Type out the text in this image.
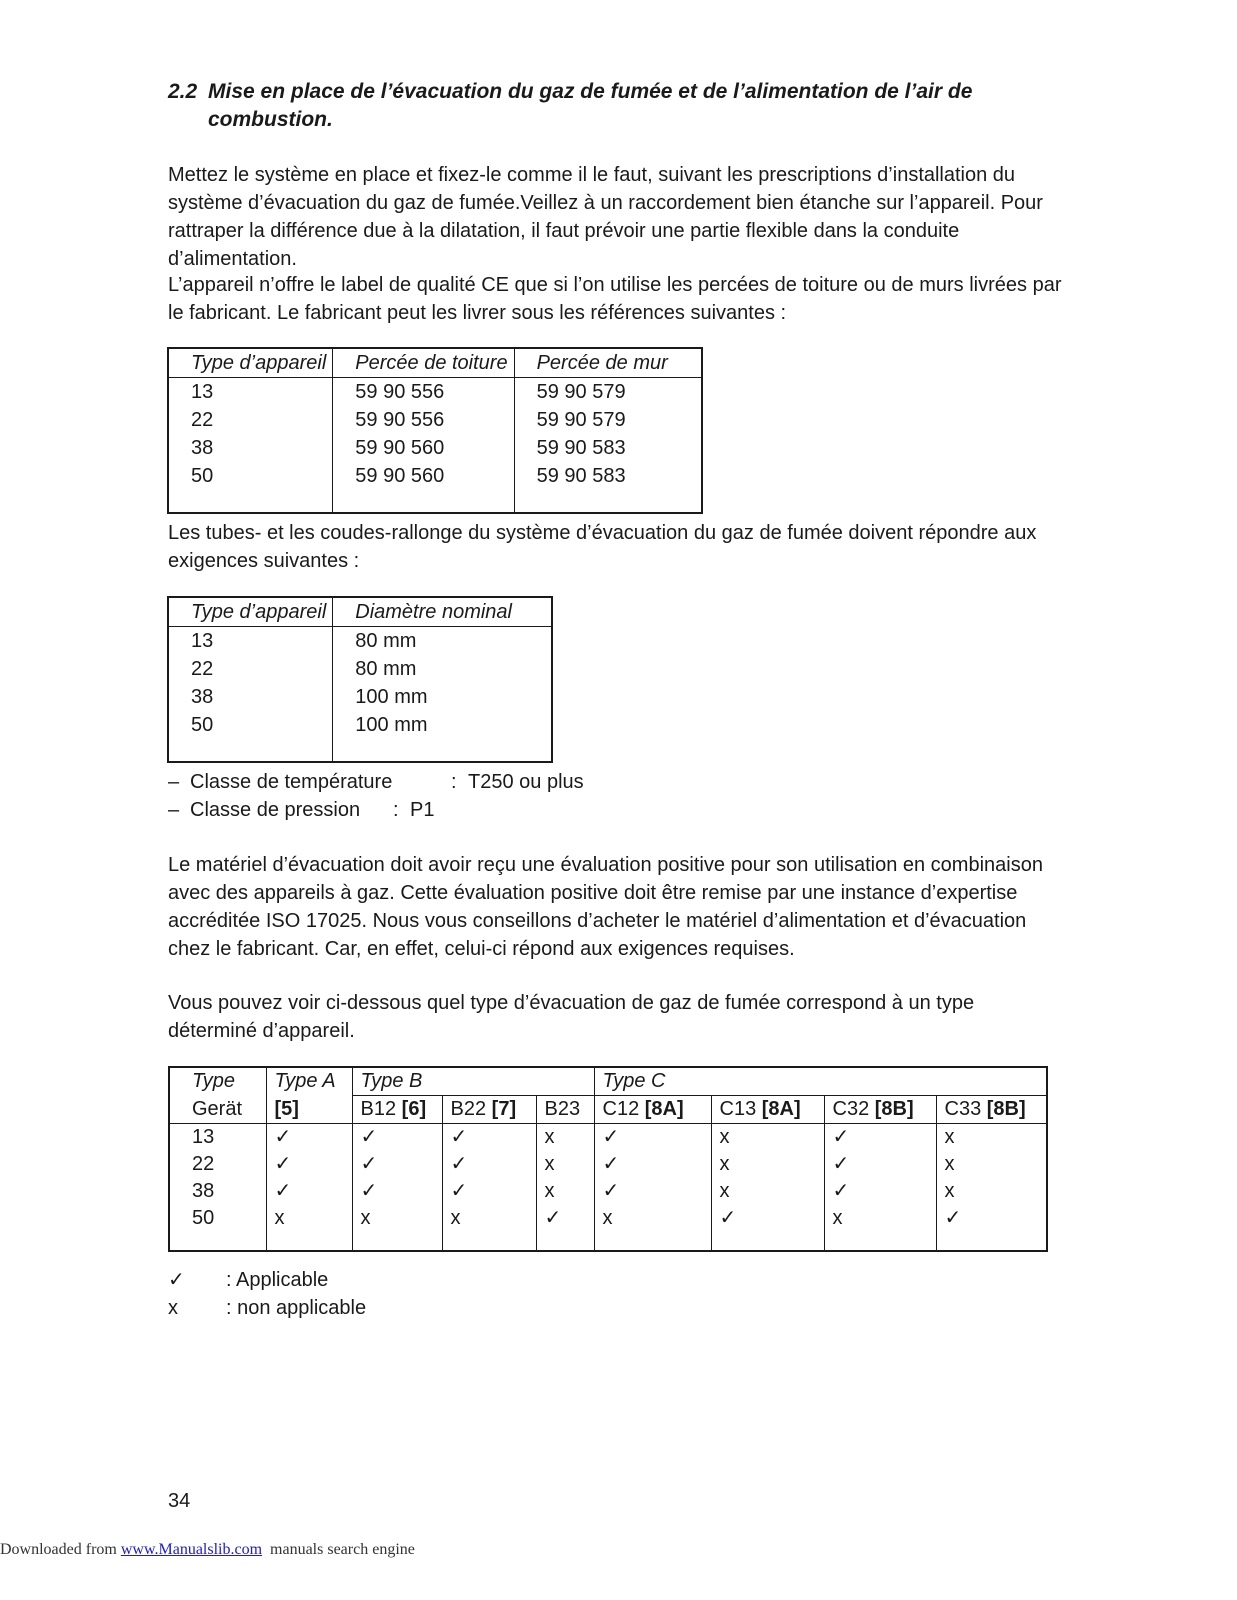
2.2 Mise en place de l’évacuation du gaz de fumée et de l’alimentation de l’air de combustion.
Mettez le système en place et fixez-le comme il le faut, suivant les prescriptions d’installation du système d’évacuation du gaz de fumée.Veillez à un raccordement bien étanche sur l’appareil. Pour rattraper la différence due à la dilatation, il faut prévoir une partie flexible dans la conduite d’alimentation.
L’appareil n’offre le label de qualité CE que si l’on utilise les percées de toiture ou de murs livrées par le fabricant. Le fabricant peut les livrer sous les références suivantes :
Type d’appareil	Percée de toiture	Percée de mur
13	59 90 556	59 90 579
22	59 90 556	59 90 579
38	59 90 560	59 90 583
50	59 90 560	59 90 583

Les tubes- et les coudes-rallonge du système d’évacuation du gaz de fumée doivent répondre aux exigences suivantes :
Type d’appareil	Diamètre nominal
13	80 mm
22	80 mm
38	100 mm
50	100 mm

– Classe de température	: T250 ou plus
– Classe de pression : P1
Le matériel d’évacuation doit avoir reçu une évaluation positive pour son utilisation en combinaison avec des appareils à gaz. Cette évaluation positive doit être remise par une instance d’expertise accréditée ISO 17025. Nous vous conseillons d’acheter le matériel d’alimentation et d’évacuation chez le fabricant. Car, en effet, celui-ci répond aux exigences requises.
Vous pouvez voir ci-dessous quel type d’évacuation de gaz de fumée correspond à un type déterminé d’appareil.
Type	Type A	Type B			Type C			
Gerät	[5]	B12 [6]	B22 [7]	B23	C12 [8A]	C13 [8A]	C32 [8B]	C33 [8B]
13	✓	✓	✓	x	✓	x	✓	x
22	✓	✓	✓	x	✓	x	✓	x
38	✓	✓	✓	x	✓	x	✓	x
50	x	x	x	✓	x	✓	x	✓

✓ : Applicable
x : non applicable
34
Downloaded from www.Manualslib.com  manuals search engine
